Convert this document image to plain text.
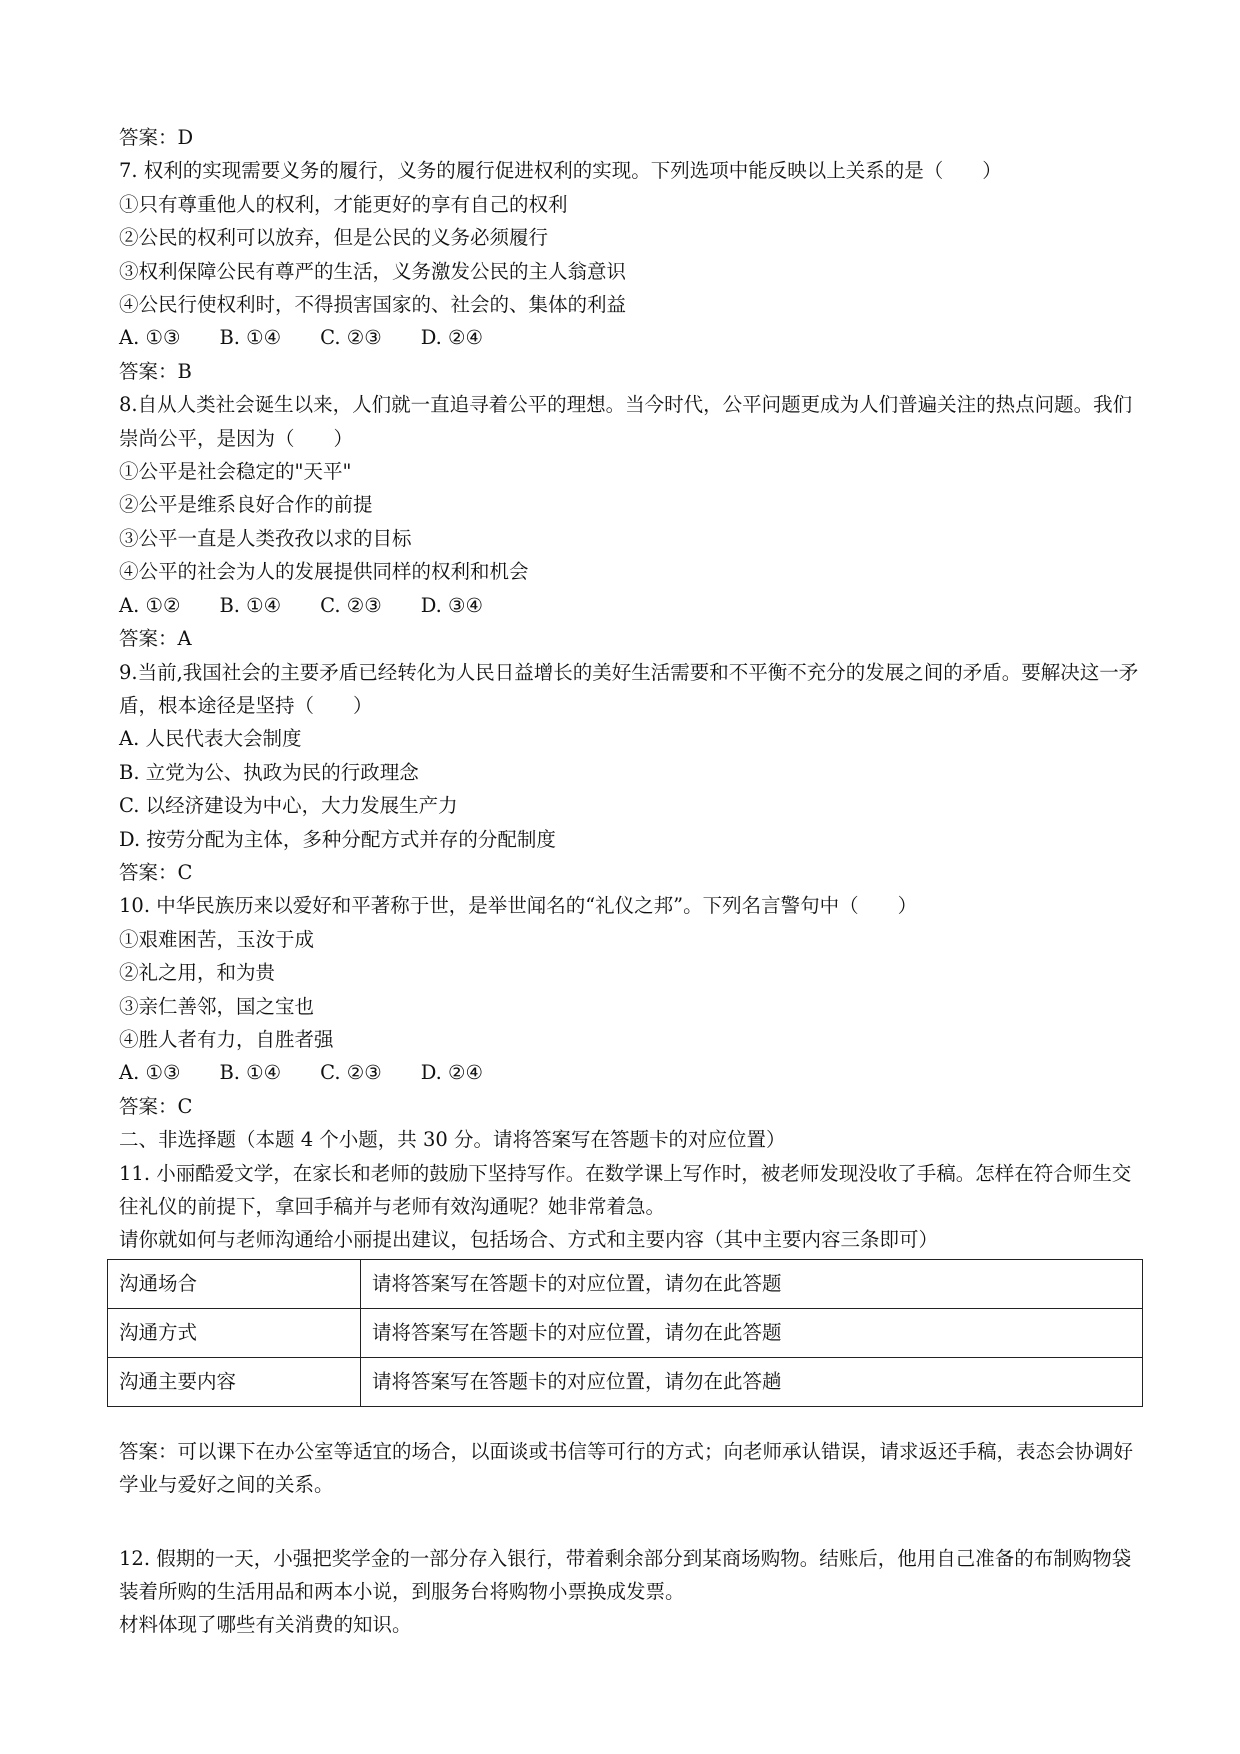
答案：D

7. 权利的实现需要义务的履行，义务的履行促进权利的实现。下列选项中能反映以上关系的是（　　）

①只有尊重他人的权利，才能更好的享有自己的权利

②公民的权利可以放弃，但是公民的义务必须履行

③权利保障公民有尊严的生活，义务激发公民的主人翁意识

④公民行使权利时，不得损害国家的、社会的、集体的利益

A. ①③　　B. ①④　　C. ②③　　D. ②④

答案：B

8.自从人类社会诞生以来，人们就一直追寻着公平的理想。当今时代，公平问题更成为人们普遍关注的热点问题。我们崇尚公平，是因为（　　）

①公平是社会稳定的"天平"

②公平是维系良好合作的前提

③公平一直是人类孜孜以求的目标

④公平的社会为人的发展提供同样的权利和机会

A. ①②　　B. ①④　　C. ②③　　D. ③④

答案：A

9.当前,我国社会的主要矛盾已经转化为人民日益增长的美好生活需要和不平衡不充分的发展之间的矛盾。要解决这一矛盾，根本途径是坚持（　　）

A. 人民代表大会制度

B. 立党为公、执政为民的行政理念

C. 以经济建设为中心，大力发展生产力

D. 按劳分配为主体，多种分配方式并存的分配制度

答案：C

10. 中华民族历来以爱好和平著称于世，是举世闻名的“礼仪之邦”。下列名言警句中（　　）

①艰难困苦，玉汝于成

②礼之用，和为贵

③亲仁善邻，国之宝也

④胜人者有力，自胜者强

A. ①③　　B. ①④　　C. ②③　　D. ②④

答案：C

二、非选择题（本题 4 个小题，共 30 分。请将答案写在答题卡的对应位置）

11. 小丽酷爱文学，在家长和老师的鼓励下坚持写作。在数学课上写作时，被老师发现没收了手稿。怎样在符合师生交往礼仪的前提下，拿回手稿并与老师有效沟通呢？她非常着急。

请你就如何与老师沟通给小丽提出建议，包括场合、方式和主要内容（其中主要内容三条即可）

沟通场合	请将答案写在答题卡的对应位置，请勿在此答题
沟通方式	请将答案写在答题卡的对应位置，请勿在此答题
沟通主要内容	请将答案写在答题卡的对应位置，请勿在此答趟

答案：可以课下在办公室等适宜的场合，以面谈或书信等可行的方式；向老师承认错误，请求返还手稿，表态会协调好学业与爱好之间的关系。

12. 假期的一天，小强把奖学金的一部分存入银行，带着剩余部分到某商场购物。结账后，他用自己准备的布制购物袋装着所购的生活用品和两本小说，到服务台将购物小票换成发票。

材料体现了哪些有关消费的知识。
